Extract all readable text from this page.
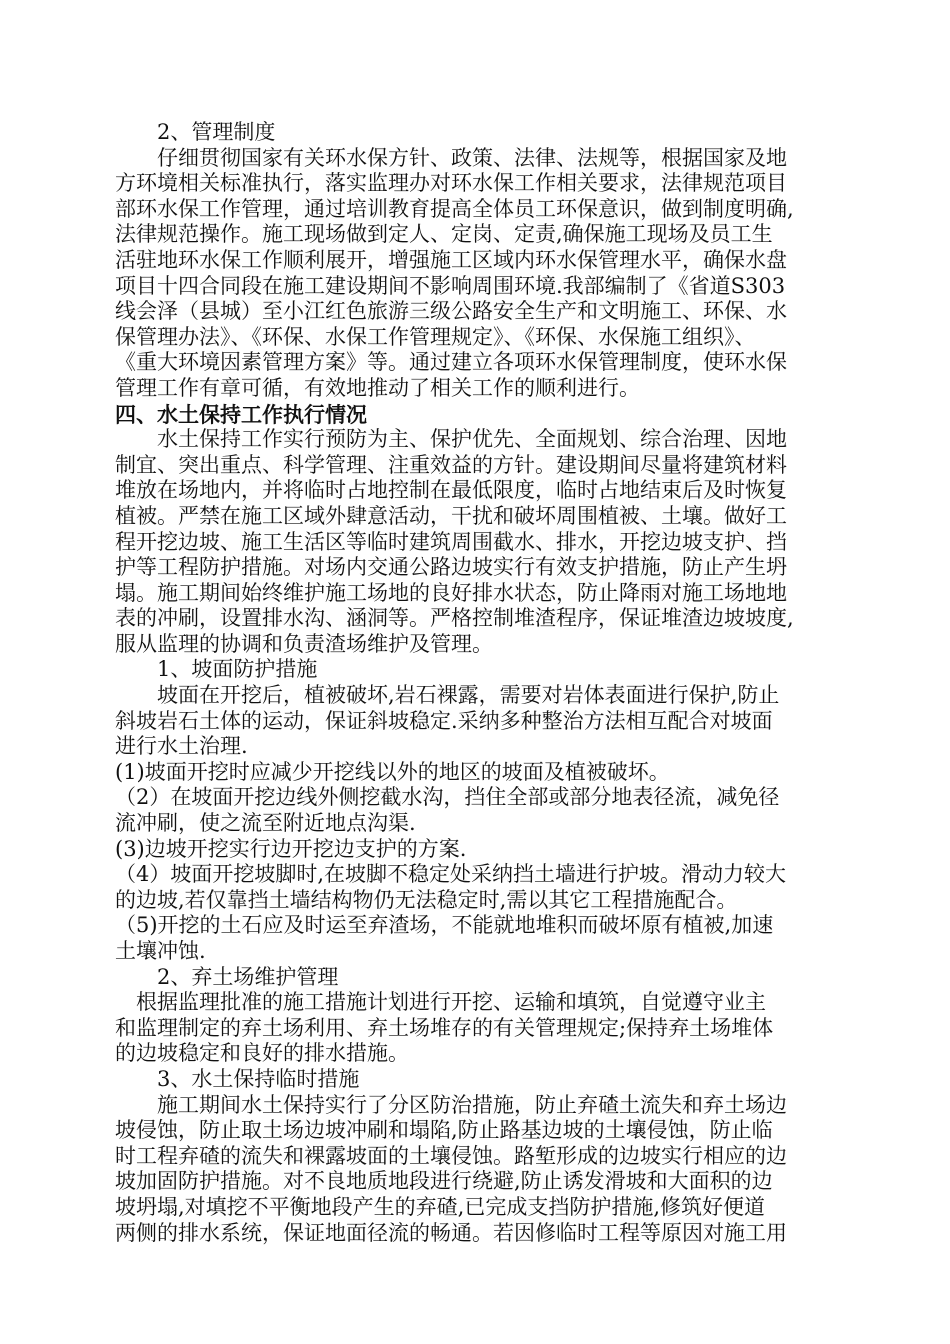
　　2、管理制度
　　仔细贯彻国家有关环水保方针、政策、法律、法规等，根据国家及地
方环境相关标准执行，落实监理办对环水保工作相关要求，法律规范项目
部环水保工作管理，通过培训教育提高全体员工环保意识，做到制度明确,
法律规范操作。施工现场做到定人、定岗、定责,确保施工现场及员工生
活驻地环水保工作顺利展开，增强施工区域内环水保管理水平，确保水盘
项目十四合同段在施工建设期间不影响周围环境.我部编制了《省道S303
线会泽（县城）至小江红色旅游三级公路安全生产和文明施工、环保、水
保管理办法》、《环保、水保工作管理规定》、《环保、水保施工组织》、
《重大环境因素管理方案》等。通过建立各项环水保管理制度，使环水保
管理工作有章可循，有效地推动了相关工作的顺利进行。
四、水土保持工作执行情况
　　水土保持工作实行预防为主、保护优先、全面规划、综合治理、因地
制宜、突出重点、科学管理、注重效益的方针。建设期间尽量将建筑材料
堆放在场地内，并将临时占地控制在最低限度，临时占地结束后及时恢复
植被。严禁在施工区域外肆意活动，干扰和破坏周围植被、土壤。做好工
程开挖边坡、施工生活区等临时建筑周围截水、排水，开挖边坡支护、挡
护等工程防护措施。对场内交通公路边坡实行有效支护措施，防止产生坍
塌。施工期间始终维护施工场地的良好排水状态，防止降雨对施工场地地
表的冲刷，设置排水沟、涵洞等。严格控制堆渣程序，保证堆渣边坡坡度,
服从监理的协调和负责渣场维护及管理。
　　1、坡面防护措施
　　坡面在开挖后，植被破坏,岩石裸露，需要对岩体表面进行保护,防止
斜坡岩石土体的运动，保证斜坡稳定.采纳多种整治方法相互配合对坡面
进行水土治理.
(1)坡面开挖时应减少开挖线以外的地区的坡面及植被破坏。
（2）在坡面开挖边线外侧挖截水沟，挡住全部或部分地表径流，减免径
流冲刷，使之流至附近地点沟渠.
(3)边坡开挖实行边开挖边支护的方案.
（4）坡面开挖坡脚时,在坡脚不稳定处采纳挡土墙进行护坡。滑动力较大
的边坡,若仅靠挡土墙结构物仍无法稳定时,需以其它工程措施配合。
（5)开挖的土石应及时运至弃渣场，不能就地堆积而破坏原有植被,加速
土壤冲蚀.
　　2、弃土场维护管理
　根据监理批准的施工措施计划进行开挖、运输和填筑，自觉遵守业主
和监理制定的弃土场利用、弃土场堆存的有关管理规定;保持弃土场堆体
的边坡稳定和良好的排水措施。
　　3、水土保持临时措施
　　施工期间水土保持实行了分区防治措施，防止弃碴土流失和弃土场边
坡侵蚀，防止取土场边坡冲刷和塌陷,防止路基边坡的土壤侵蚀，防止临
时工程弃碴的流失和裸露坡面的土壤侵蚀。路堑形成的边坡实行相应的边
坡加固防护措施。对不良地质地段进行绕避,防止诱发滑坡和大面积的边
坡坍塌,对填挖不平衡地段产生的弃碴,已完成支挡防护措施,修筑好便道
两侧的排水系统，保证地面径流的畅通。若因修临时工程等原因对施工用
